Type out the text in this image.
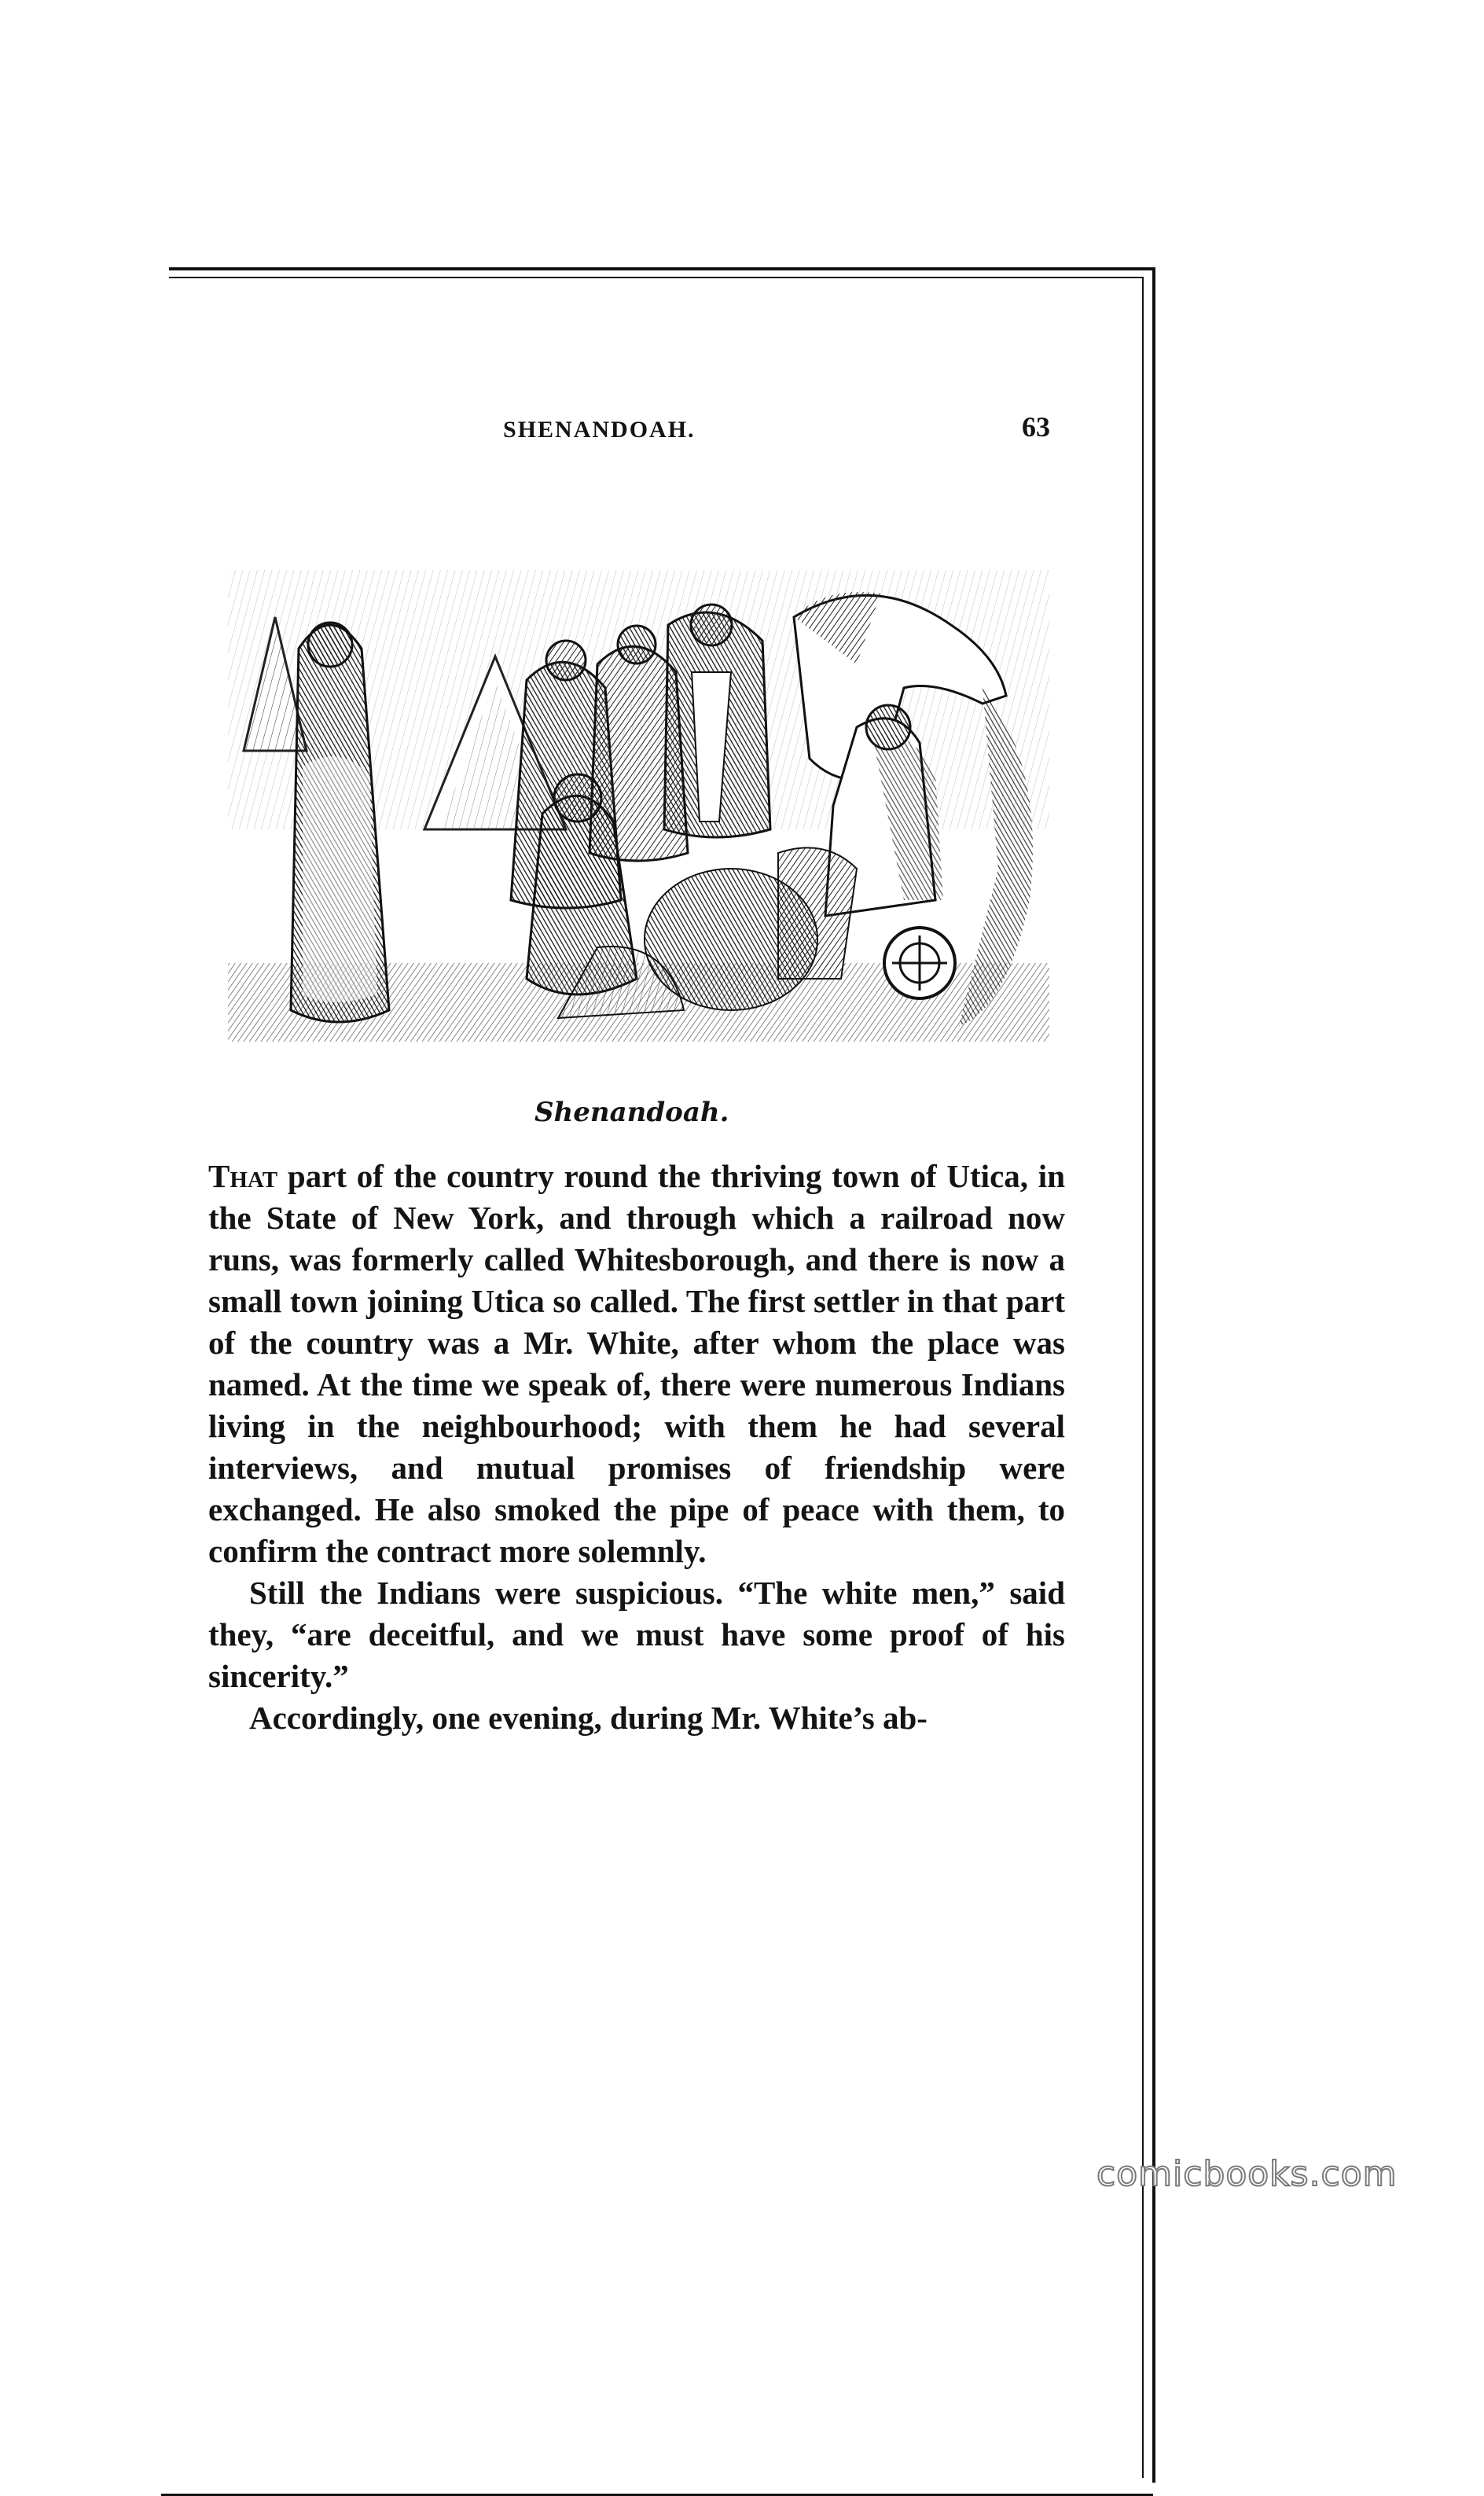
SHENANDOAH.	63
Shenandoah.

That part of the country round the thriving town of Utica, in the State of New York, and through which a railroad now runs, was formerly called Whitesborough, and there is now a small town joining Utica so called. The first settler in that part of the country was a Mr. White, after whom the place was named. At the time we speak of, there were numerous Indians living in the neighbourhood; with them he had several interviews, and mutual promises of friendship were exchanged. He also smoked the pipe of peace with them, to confirm the contract more solemnly.

Still the Indians were suspicious. “The white men,” said they, “are deceitful, and we must have some proof of his sincerity.”

Accordingly, one evening, during Mr. White’s ab-

comicbooks.com
